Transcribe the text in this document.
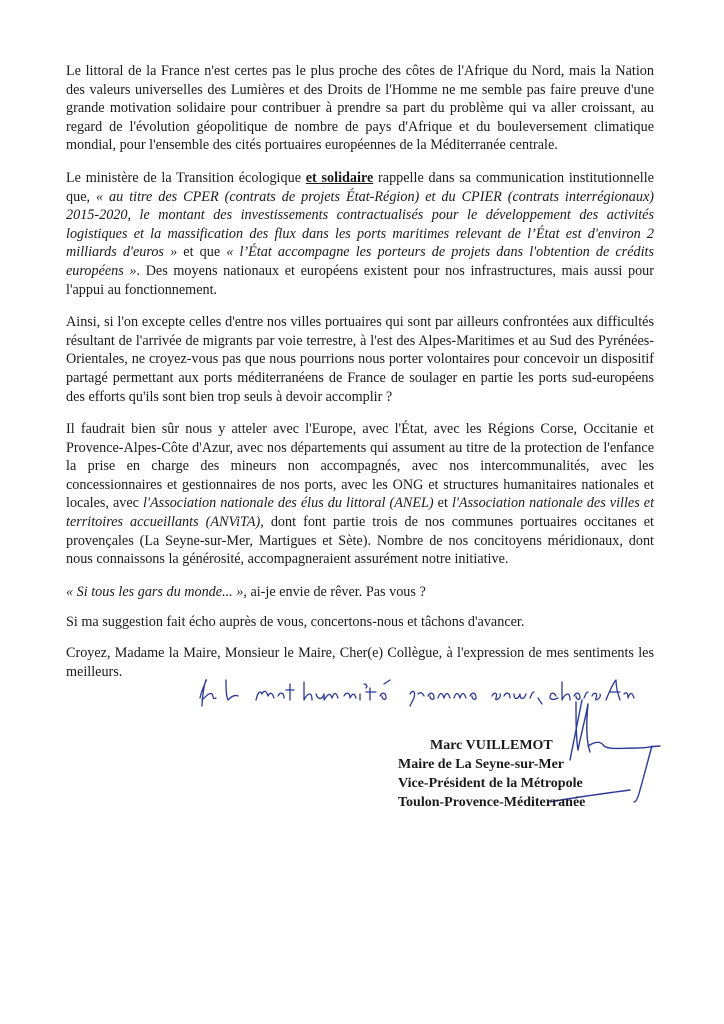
Le littoral de la France n'est certes pas le plus proche des côtes de l'Afrique du Nord, mais la Nation des valeurs universelles des Lumières et des Droits de l'Homme ne me semble pas faire preuve d'une grande motivation solidaire pour contribuer à prendre sa part du problème qui va aller croissant, au regard de l'évolution géopolitique de nombre de pays d'Afrique et du bouleversement climatique mondial, pour l'ensemble des cités portuaires européennes de la Méditerranée centrale.

Le ministère de la Transition écologique et solidaire rappelle dans sa communication institutionnelle que, « au titre des CPER (contrats de projets État-Région) et du CPIER (contrats interrégionaux) 2015-2020, le montant des investissements contractualisés pour le développement des activités logistiques et la massification des flux dans les ports maritimes relevant de l’État est d'environ 2 milliards d'euros » et que « l’État accompagne les porteurs de projets dans l'obtention de crédits européens ». Des moyens nationaux et européens existent pour nos infrastructures, mais aussi pour l'appui au fonctionnement.

Ainsi, si l'on excepte celles d'entre nos villes portuaires qui sont par ailleurs confrontées aux difficultés résultant de l'arrivée de migrants par voie terrestre, à l'est des Alpes-Maritimes et au Sud des Pyrénées-Orientales, ne croyez-vous pas que nous pourrions nous porter volontaires pour concevoir un dispositif partagé permettant aux ports méditerranéens de France de soulager en partie les ports sud-européens des efforts qu'ils sont bien trop seuls à devoir accomplir ?

Il faudrait bien sûr nous y atteler avec l'Europe, avec l'État, avec les Régions Corse, Occitanie et Provence-Alpes-Côte d'Azur, avec nos départements qui assument au titre de la protection de l'enfance la prise en charge des mineurs non accompagnés, avec nos intercommunalités, avec les concessionnaires et gestionnaires de nos ports, avec les ONG et structures humanitaires nationales et locales, avec l'Association nationale des élus du littoral (ANEL) et l'Association nationale des villes et territoires accueillants (ANViTA), dont font partie trois de nos communes portuaires occitanes et provençales (La Seyne-sur-Mer, Martigues et Sète). Nombre de nos concitoyens méridionaux, dont nous connaissons la générosité, accompagneraient assurément notre initiative.

« Si tous les gars du monde... », ai-je envie de rêver. Pas vous ?

Si ma suggestion fait écho auprès de vous, concertons-nous et tâchons d'avancer.

Croyez, Madame la Maire, Monsieur le Maire, Cher(e) Collègue, à l'expression de mes sentiments les meilleurs.

Marc VUILLEMOT
Maire de La Seyne-sur-Mer
Vice-Président de la Métropole
Toulon-Provence-Méditerranée
